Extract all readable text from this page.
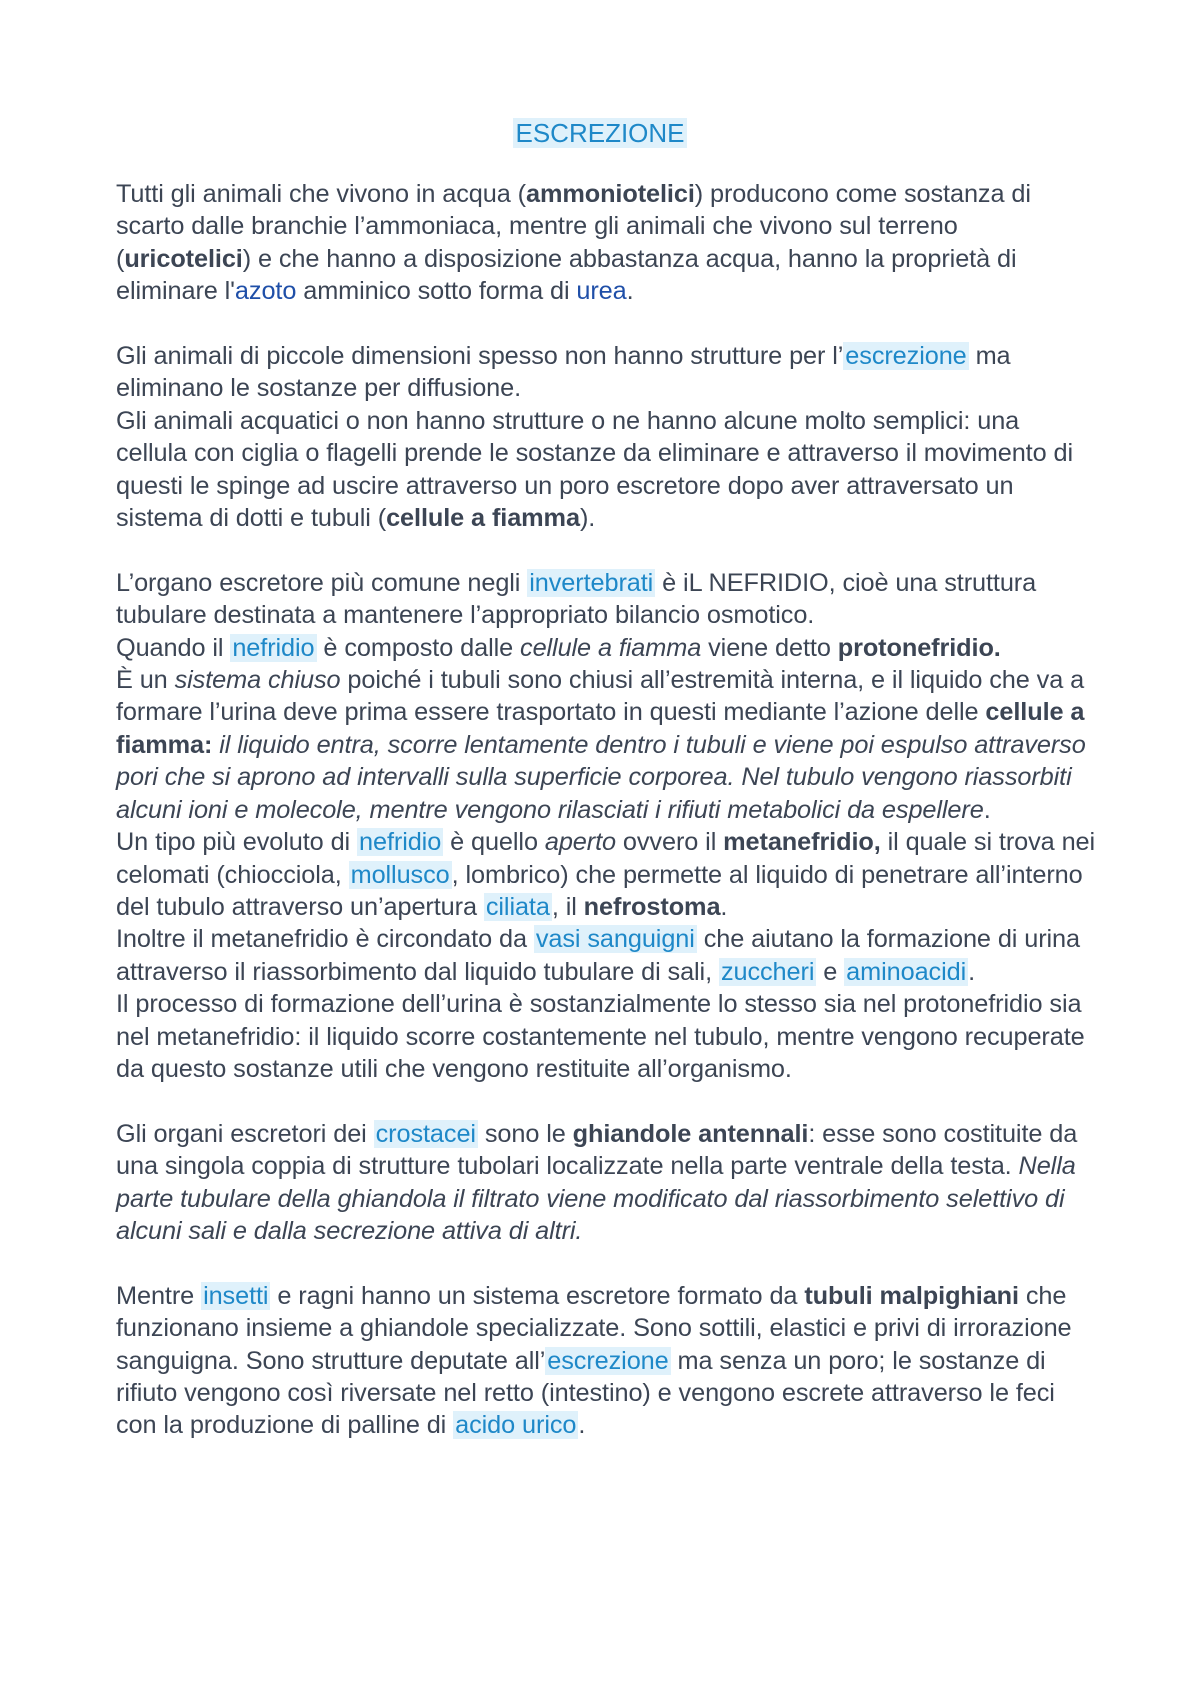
ESCREZIONE

Tutti gli animali che vivono in acqua (ammoniotelici) producono come sostanza di scarto dalle branchie l’ammoniaca, mentre gli animali che vivono sul terreno (uricotelici) e che hanno a disposizione abbastanza acqua, hanno la proprietà di eliminare l'azoto amminico sotto forma di urea.

Gli animali di piccole dimensioni spesso non hanno strutture per l’escrezione ma eliminano le sostanze per diffusione.

Gli animali acquatici o non hanno strutture o ne hanno alcune molto semplici: una cellula con ciglia o flagelli prende le sostanze da eliminare e attraverso il movimento di questi le spinge ad uscire attraverso un poro escretore dopo aver attraversato un sistema di dotti e tubuli (cellule a fiamma).

L’organo escretore più comune negli invertebrati è iL NEFRIDIO, cioè una struttura tubulare destinata a mantenere l’appropriato bilancio osmotico.

Quando il nefridio è composto dalle cellule a fiamma viene detto protonefridio.

È un sistema chiuso poiché i tubuli sono chiusi all’estremità interna, e il liquido che va a formare l’urina deve prima essere trasportato in questi mediante l’azione delle cellule a fiamma: il liquido entra, scorre lentamente dentro i tubuli e viene poi espulso attraverso pori che si aprono ad intervalli sulla superficie corporea. Nel tubulo vengono riassorbiti alcuni ioni e molecole, mentre vengono rilasciati i rifiuti metabolici da espellere.

Un tipo più evoluto di nefridio è quello aperto ovvero il metanefridio, il quale si trova nei celomati (chiocciola, mollusco, lombrico) che permette al liquido di penetrare all’interno del tubulo attraverso un’apertura ciliata, il nefrostoma.

Inoltre il metanefridio è circondato da vasi sanguigni che aiutano la formazione di urina attraverso il riassorbimento dal liquido tubulare di sali, zuccheri e aminoacidi.

Il processo di formazione dell’urina è sostanzialmente lo stesso sia nel protonefridio sia nel metanefridio: il liquido scorre costantemente nel tubulo, mentre vengono recuperate da questo sostanze utili che vengono restituite all’organismo.

Gli organi escretori dei crostacei sono le ghiandole antennali: esse sono costituite da una singola coppia di strutture tubolari localizzate nella parte ventrale della testa. Nella parte tubulare della ghiandola il filtrato viene modificato dal riassorbimento selettivo di alcuni sali e dalla secrezione attiva di altri.

Mentre insetti e ragni hanno un sistema escretore formato da tubuli malpighiani che funzionano insieme a ghiandole specializzate. Sono sottili, elastici e privi di irrorazione sanguigna. Sono strutture deputate all’escrezione ma senza un poro; le sostanze di rifiuto vengono così riversate nel retto (intestino) e vengono escrete attraverso le feci con la produzione di palline di acido urico.
